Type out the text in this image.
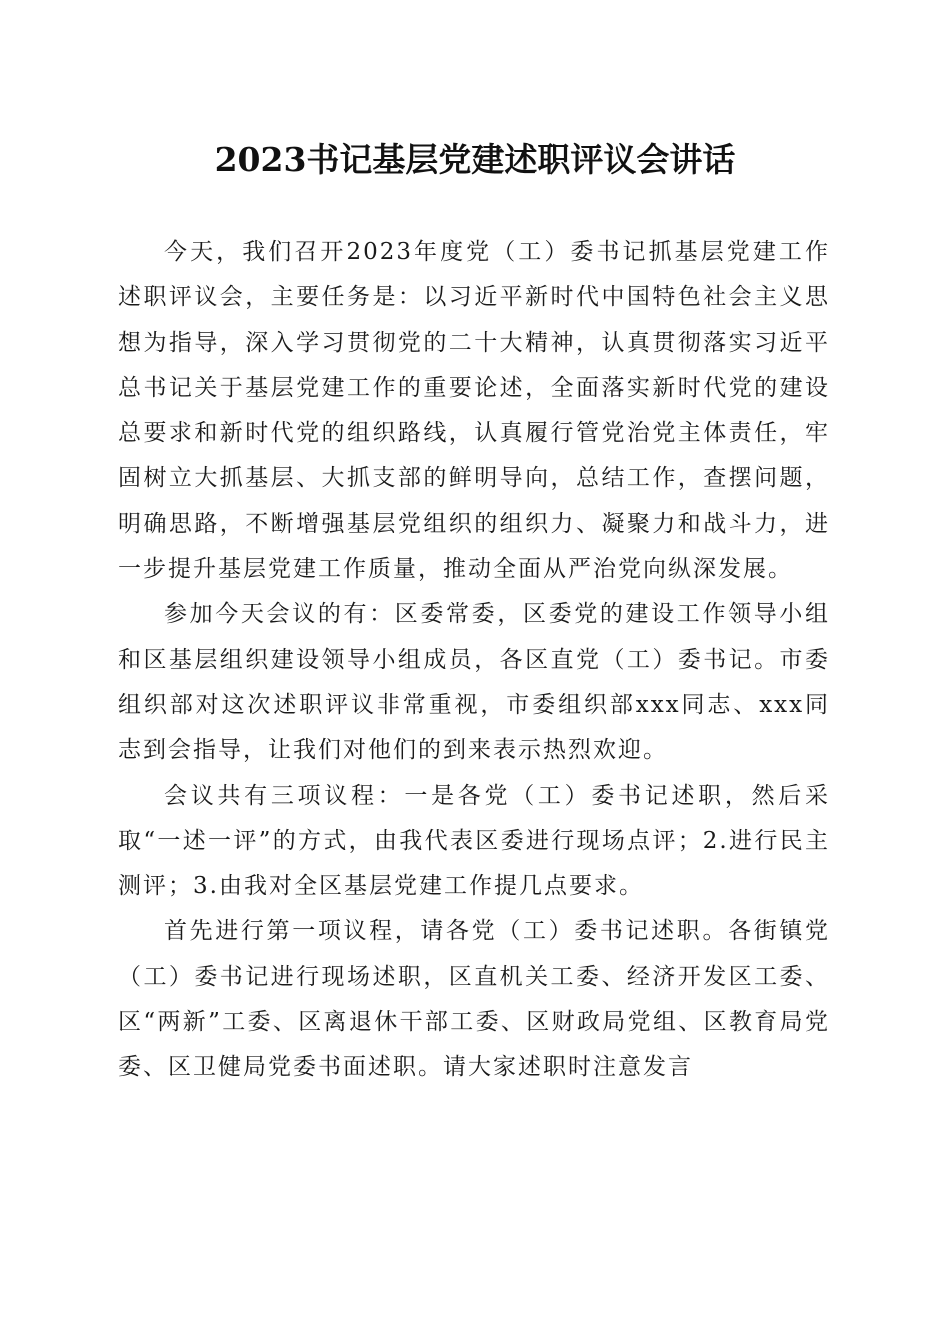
2023书记基层党建述职评议会讲话

今天，我们召开2023年度党（工）委书记抓基层党建工作述职评议会，主要任务是：以习近平新时代中国特色社会主义思想为指导，深入学习贯彻党的二十大精神，认真贯彻落实习近平总书记关于基层党建工作的重要论述，全面落实新时代党的建设总要求和新时代党的组织路线，认真履行管党治党主体责任，牢固树立大抓基层、大抓支部的鲜明导向，总结工作，查摆问题，明确思路，不断增强基层党组织的组织力、凝聚力和战斗力，进一步提升基层党建工作质量，推动全面从严治党向纵深发展。

参加今天会议的有：区委常委，区委党的建设工作领导小组和区基层组织建设领导小组成员，各区直党（工）委书记。市委组织部对这次述职评议非常重视，市委组织部xxx同志、xxx同志到会指导，让我们对他们的到来表示热烈欢迎。

会议共有三项议程：一是各党（工）委书记述职，然后采取“一述一评”的方式，由我代表区委进行现场点评；2.进行民主测评；3.由我对全区基层党建工作提几点要求。

首先进行第一项议程，请各党（工）委书记述职。各街镇党（工）委书记进行现场述职，区直机关工委、经济开发区工委、区“两新”工委、区离退休干部工委、区财政局党组、区教育局党委、区卫健局党委书面述职。请大家述职时注意发言
